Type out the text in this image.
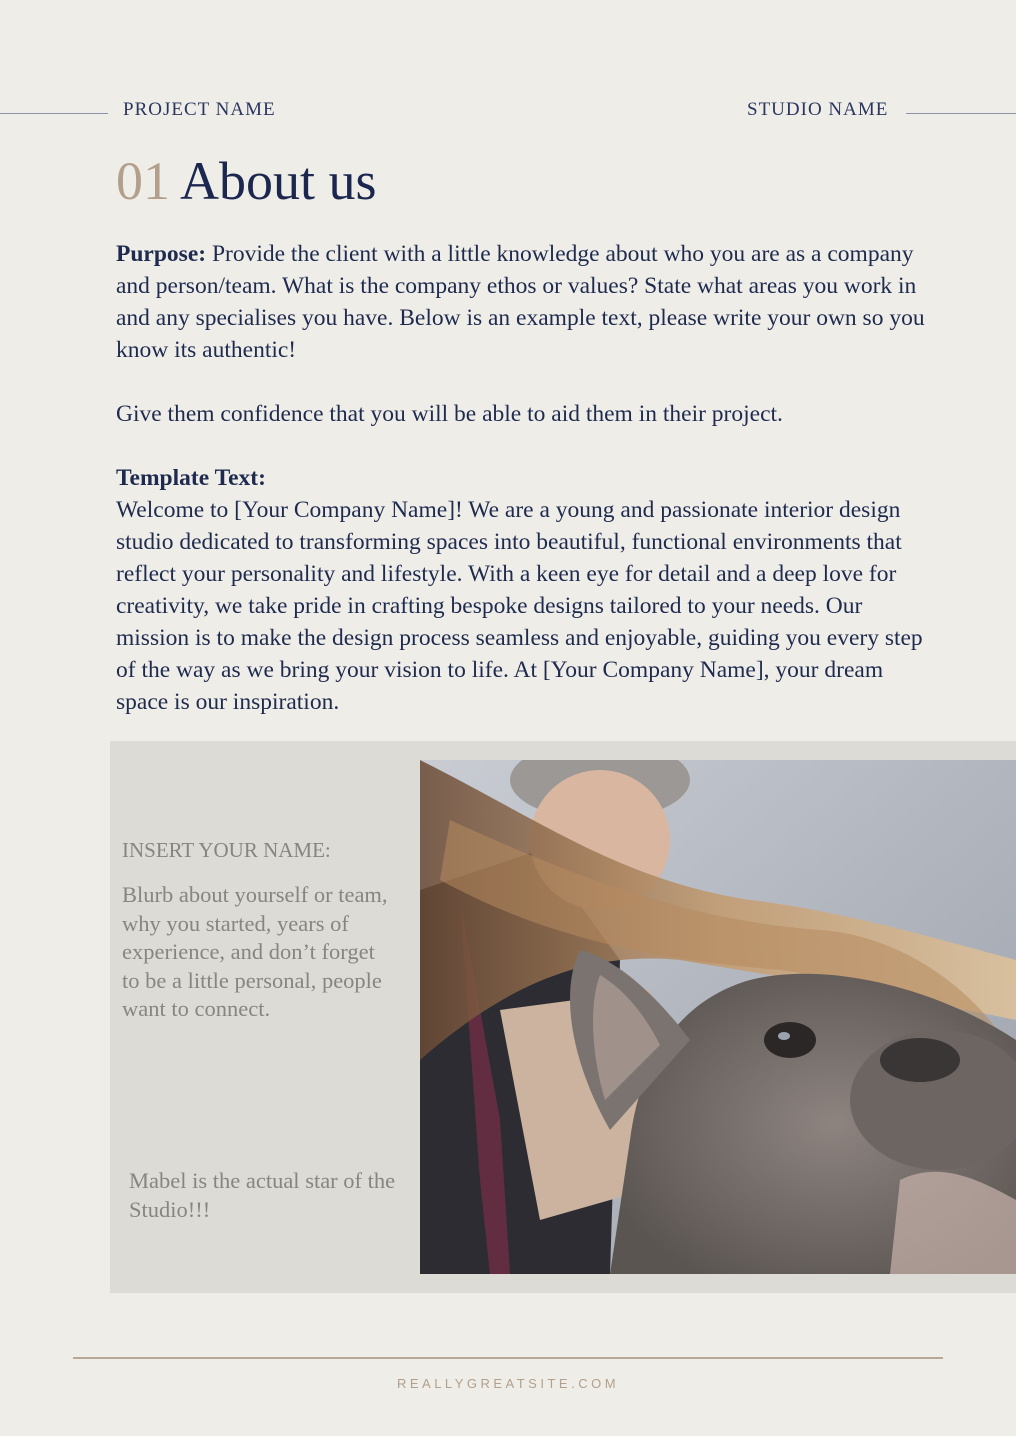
PROJECT NAME	STUDIO NAME
01 About us
Purpose: Provide the client with a little knowledge about who you are as a company and person/team. What is the company ethos or values? State what areas you work in and any specialises you have. Below is an example text, please write your own so you know its authentic!
Give them confidence that you will be able to aid them in their project.
Template Text:
Welcome to [Your Company Name]! We are a young and passionate interior design studio dedicated to transforming spaces into beautiful, functional environments that reflect your personality and lifestyle. With a keen eye for detail and a deep love for creativity, we take pride in crafting bespoke designs tailored to your needs. Our mission is to make the design process seamless and enjoyable, guiding you every step of the way as we bring your vision to life. At [Your Company Name], your dream space is our inspiration.
INSERT YOUR NAME:
Blurb about yourself or team, why you started, years of experience, and don’t forget to be a little personal, people want to connect.
Mabel is the actual star of the Studio!!!
REALLYGREATSITE.COM
